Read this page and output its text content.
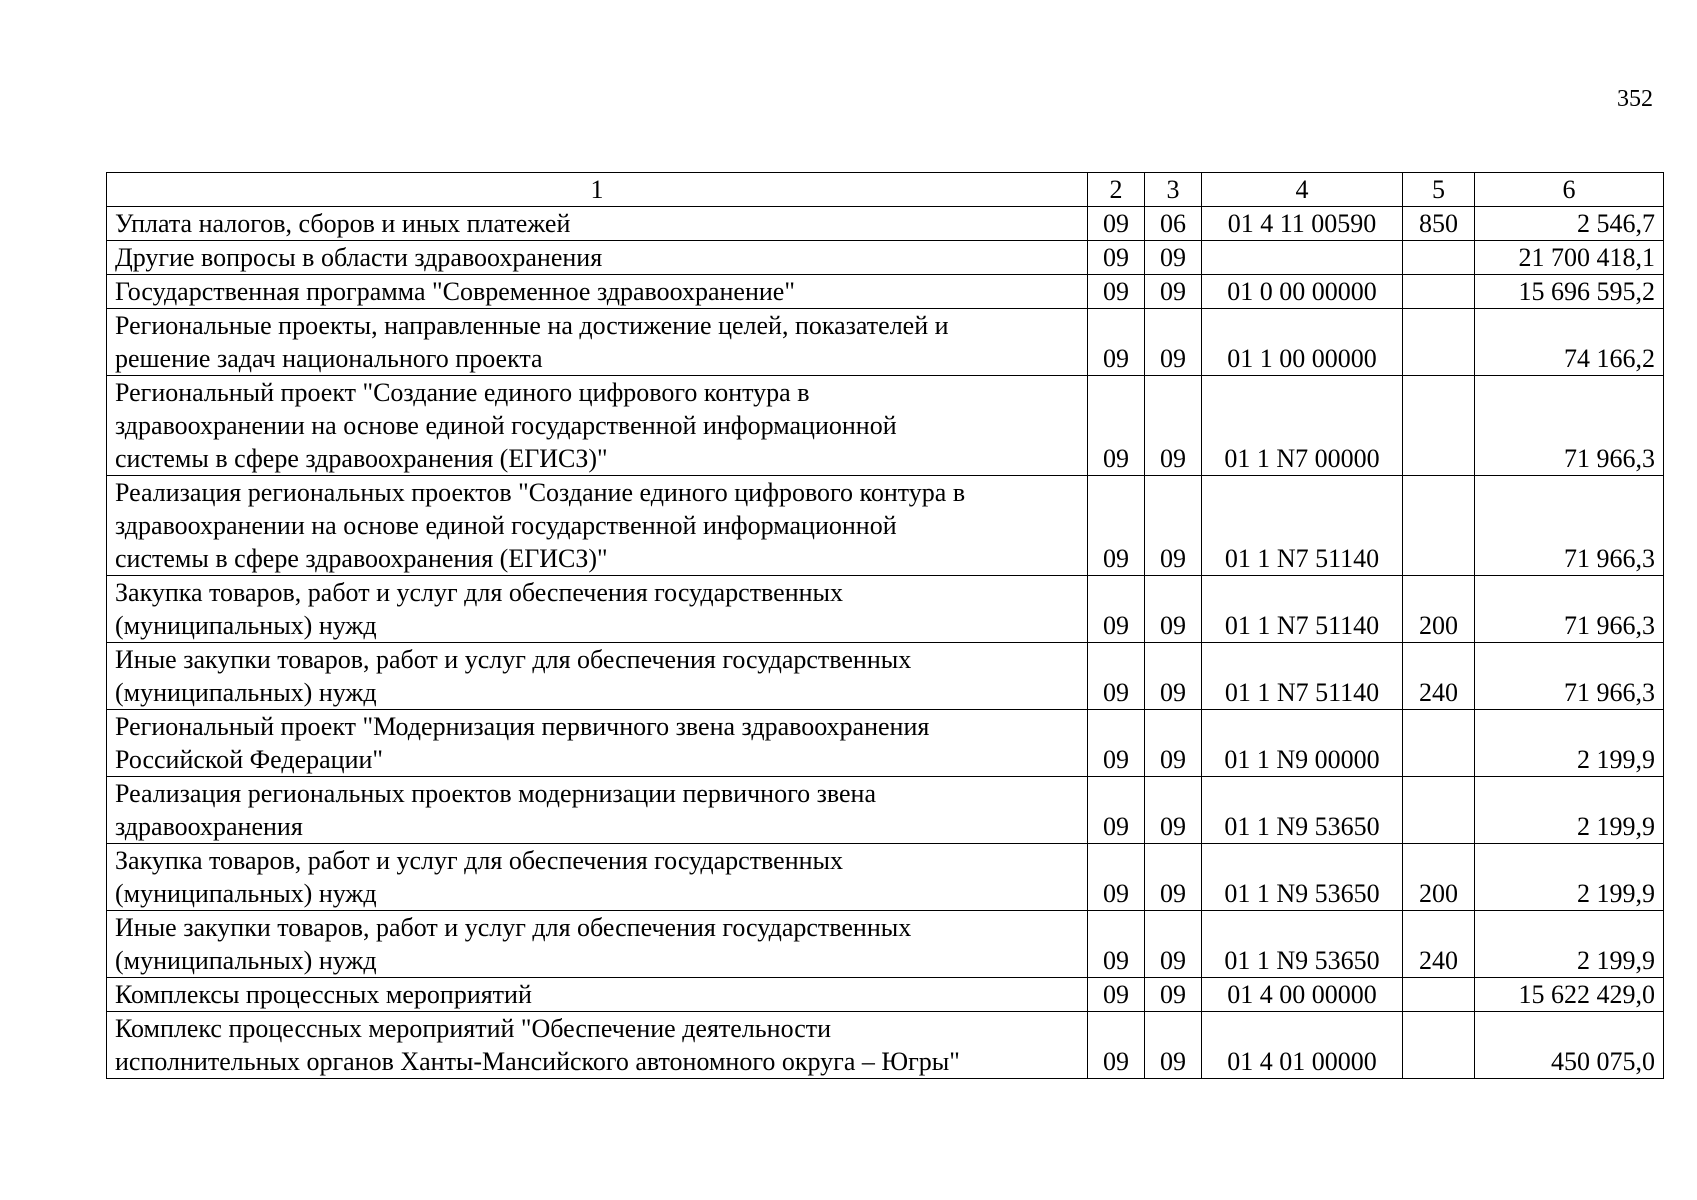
352
1	2	3	4	5	6
Уплата налогов, сборов и иных платежей	09	06	01 4 11 00590	850	2 546,7
Другие вопросы в области здравоохранения	09	09			21 700 418,1
Государственная программа "Современное здравоохранение"	09	09	01 0 00 00000		15 696 595,2
Региональные проекты, направленные на достижение целей, показателей и
решение задач национального проекта	09	09	01 1 00 00000		74 166,2
Региональный проект "Создание единого цифрового контура в
здравоохранении на основе единой государственной информационной
системы в сфере здравоохранения (ЕГИСЗ)"	09	09	01 1 N7 00000		71 966,3
Реализация региональных проектов "Создание единого цифрового контура в
здравоохранении на основе единой государственной информационной
системы в сфере здравоохранения (ЕГИСЗ)"	09	09	01 1 N7 51140		71 966,3
Закупка товаров, работ и услуг для обеспечения государственных
(муниципальных) нужд	09	09	01 1 N7 51140	200	71 966,3
Иные закупки товаров, работ и услуг для обеспечения государственных
(муниципальных) нужд	09	09	01 1 N7 51140	240	71 966,3
Региональный проект "Модернизация первичного звена здравоохранения
Российской Федерации"	09	09	01 1 N9 00000		2 199,9
Реализация региональных проектов модернизации первичного звена
здравоохранения	09	09	01 1 N9 53650		2 199,9
Закупка товаров, работ и услуг для обеспечения государственных
(муниципальных) нужд	09	09	01 1 N9 53650	200	2 199,9
Иные закупки товаров, работ и услуг для обеспечения государственных
(муниципальных) нужд	09	09	01 1 N9 53650	240	2 199,9
Комплексы процессных мероприятий	09	09	01 4 00 00000		15 622 429,0
Комплекс процессных мероприятий "Обеспечение деятельности
исполнительных органов Ханты-Мансийского автономного округа – Югры"	09	09	01 4 01 00000		450 075,0
